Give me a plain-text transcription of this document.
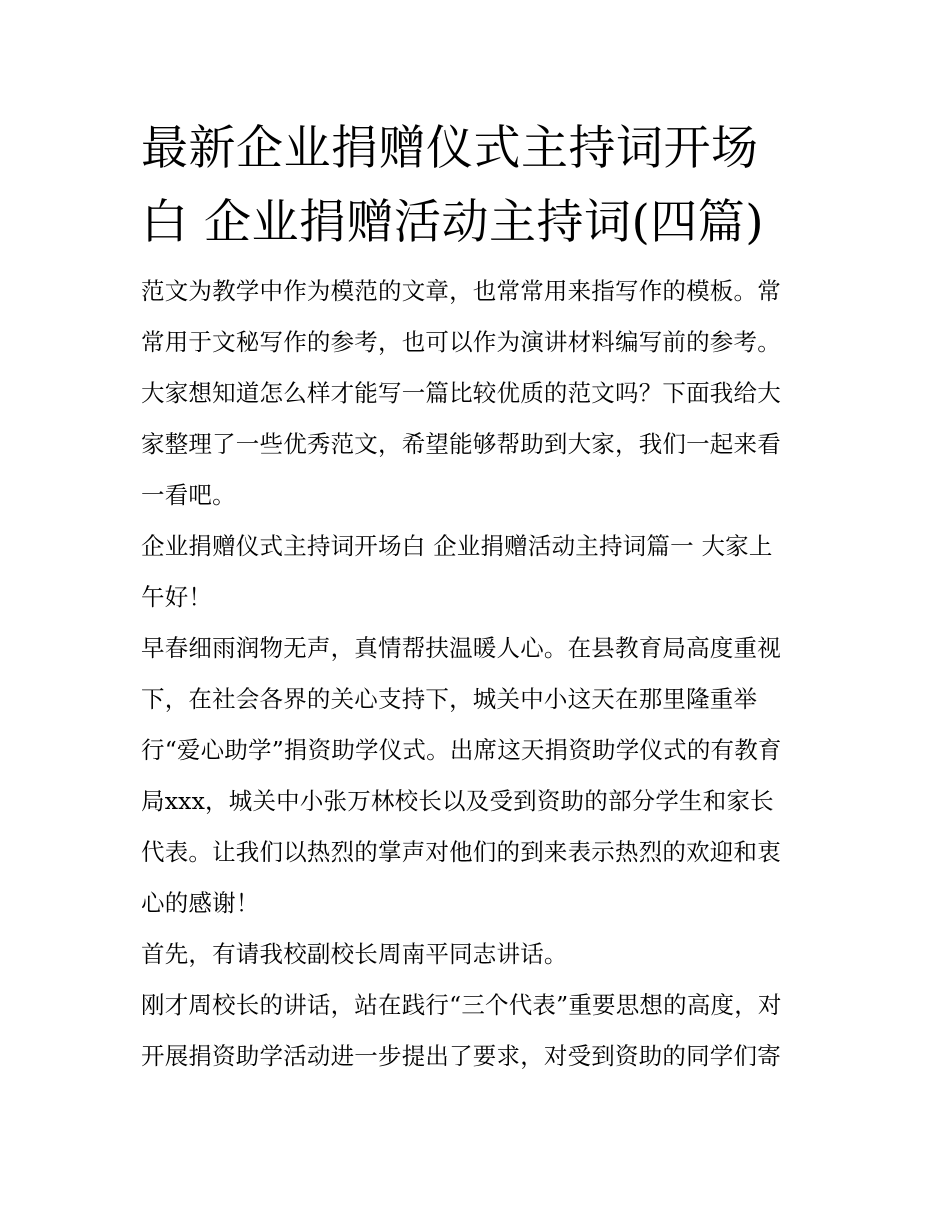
最新企业捐赠仪式主持词开场
白 企业捐赠活动主持词(四篇)
范文为教学中作为模范的文章，也常常用来指写作的模板。常
常用于文秘写作的参考，也可以作为演讲材料编写前的参考。
大家想知道怎么样才能写一篇比较优质的范文吗？下面我给大
家整理了一些优秀范文，希望能够帮助到大家，我们一起来看
一看吧。
企业捐赠仪式主持词开场白 企业捐赠活动主持词篇一 大家上
午好！
早春细雨润物无声，真情帮扶温暖人心。在县教育局高度重视
下，在社会各界的关心支持下，城关中小这天在那里隆重举
行“爱心助学”捐资助学仪式。出席这天捐资助学仪式的有教育
局xxx，城关中小张万林校长以及受到资助的部分学生和家长
代表。让我们以热烈的掌声对他们的到来表示热烈的欢迎和衷
心的感谢！
首先，有请我校副校长周南平同志讲话。
刚才周校长的讲话，站在践行“三个代表”重要思想的高度，对
开展捐资助学活动进一步提出了要求，对受到资助的同学们寄
